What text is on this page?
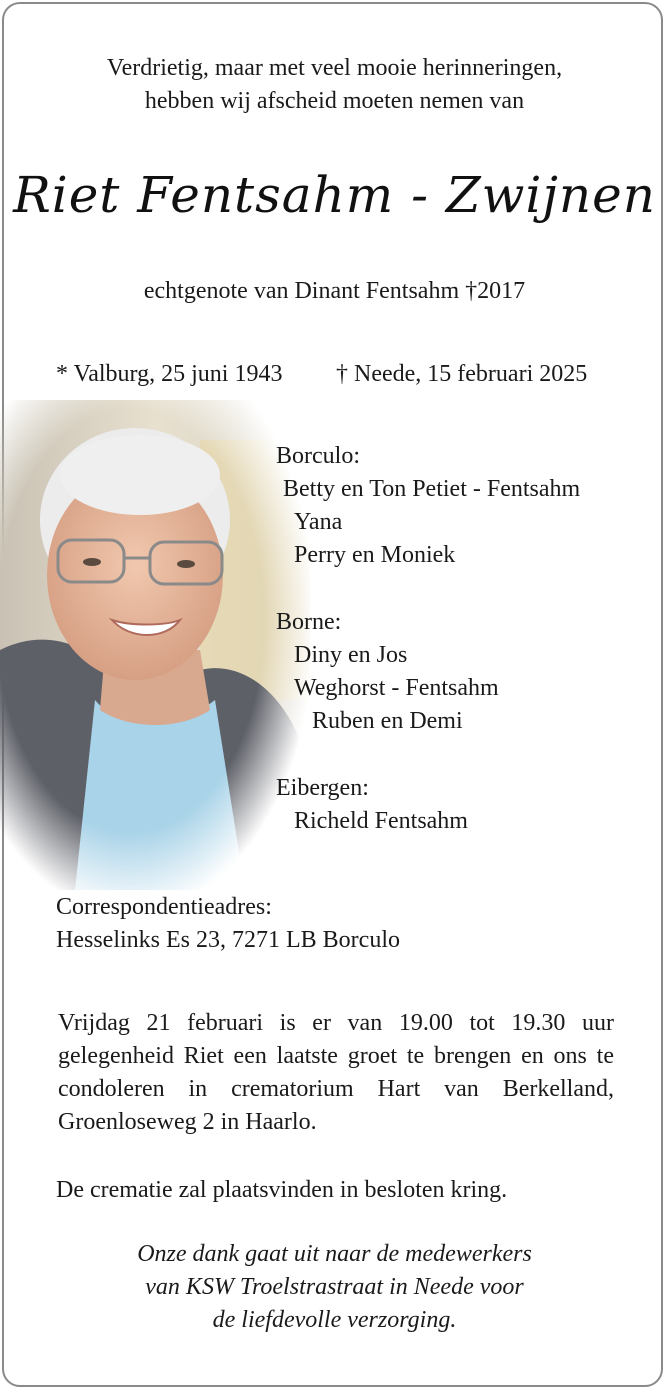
Verdrietig, maar met veel mooie herinneringen,
hebben wij afscheid moeten nemen van
Riet Fentsahm - Zwijnen
echtgenote van Dinant Fentsahm †2017
* Valburg, 25 juni 1943 † Neede, 15 februari 2025
Borculo:
Betty en Ton Petiet - Fentsahm
Yana
Perry en Moniek
Borne:
Diny en Jos
Weghorst - Fentsahm
Ruben en Demi
Eibergen:
Richeld Fentsahm
Correspondentieadres:
Hesselinks Es 23, 7271 LB Borculo
Vrijdag 21 februari is er van 19.00 tot 19.30 uur gelegenheid Riet een laatste groet te brengen en ons te condoleren in crematorium Hart van Berkelland, Groenloseweg 2 in Haarlo.
De crematie zal plaatsvinden in besloten kring.
Onze dank gaat uit naar de medewerkers
van KSW Troelstrastraat in Neede voor
de liefdevolle verzorging.
